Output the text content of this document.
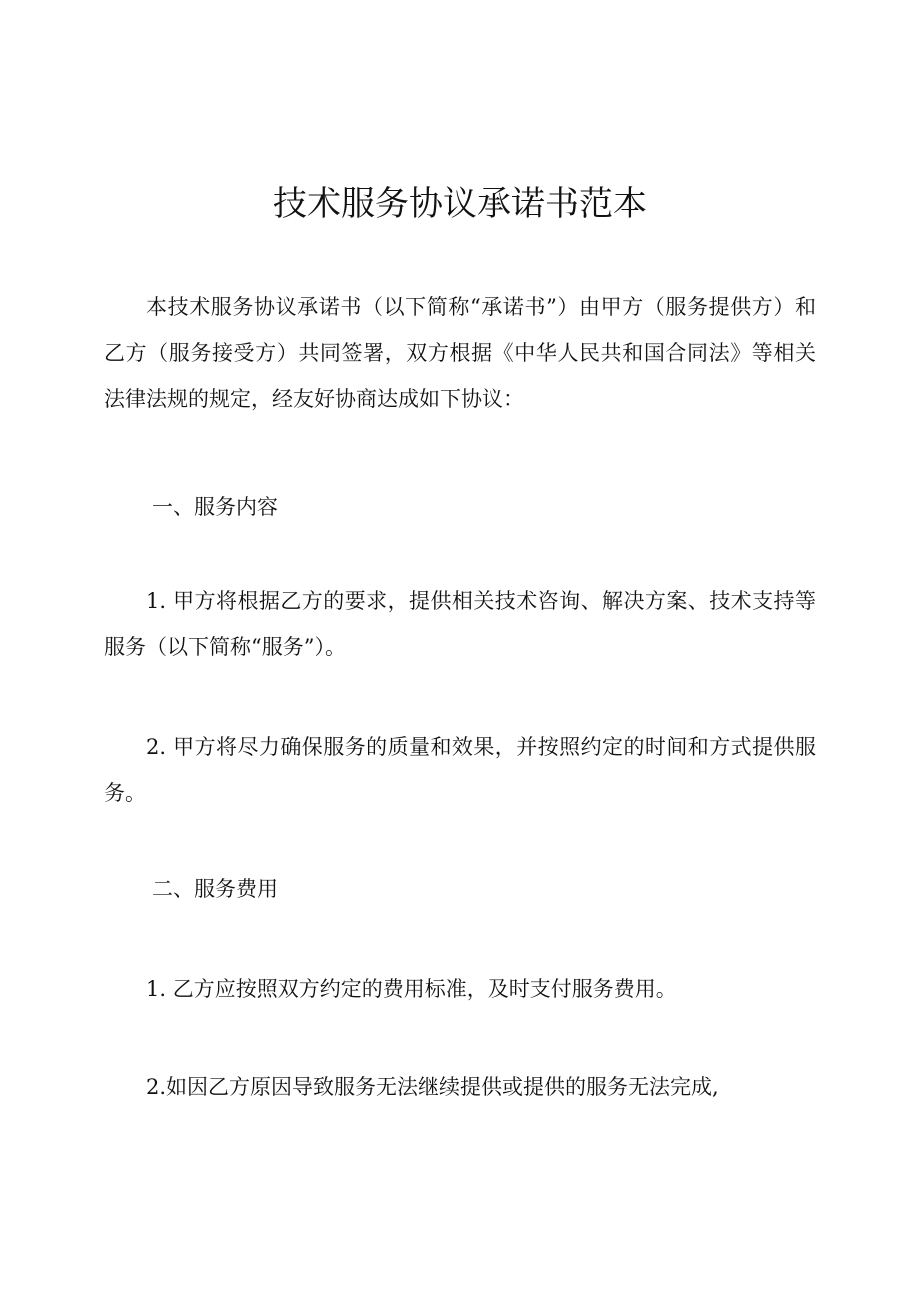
技术服务协议承诺书范本

本技术服务协议承诺书（以下简称“承诺书”）由甲方（服务提供方）和乙方（服务接受方）共同签署，双方根据《中华人民共和国合同法》等相关法律法规的规定，经友好协商达成如下协议：

一、服务内容

1. 甲方将根据乙方的要求，提供相关技术咨询、解决方案、技术支持等服务（以下简称“服务”）。

2. 甲方将尽力确保服务的质量和效果，并按照约定的时间和方式提供服务。

二、服务费用

1. 乙方应按照双方约定的费用标准，及时支付服务费用。

2.如因乙方原因导致服务无法继续提供或提供的服务无法完成,
